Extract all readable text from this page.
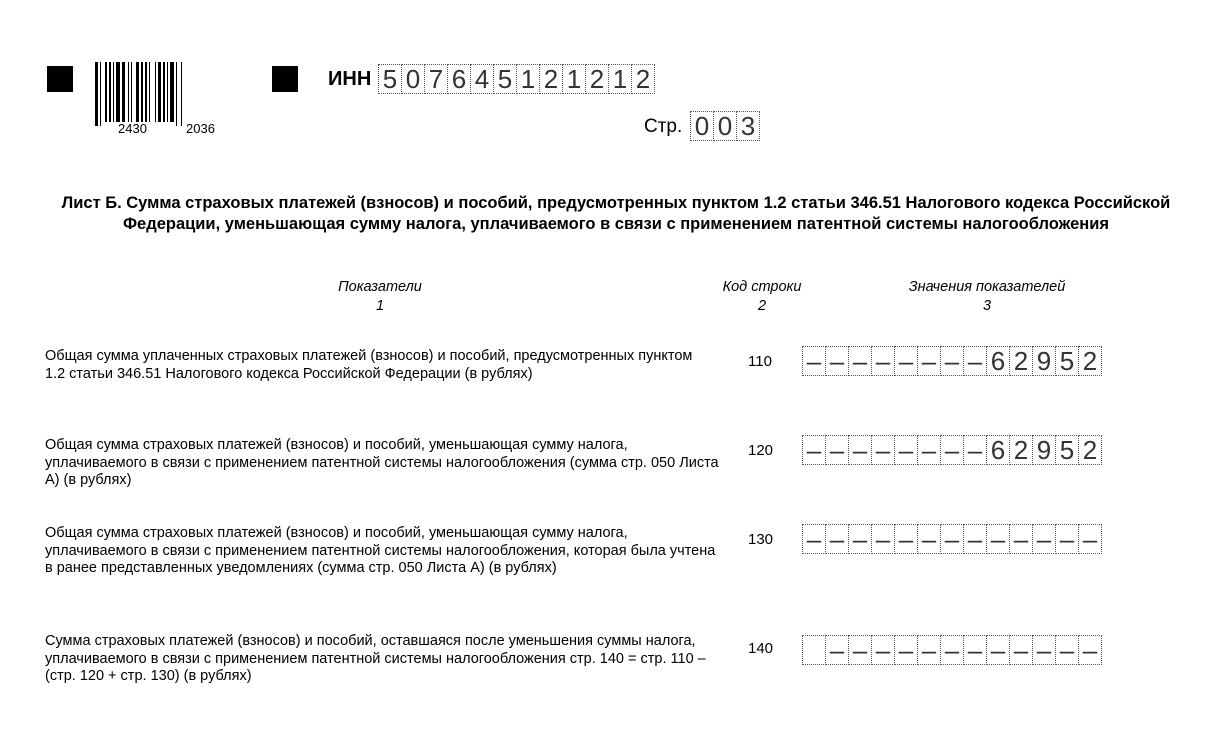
2430	2036
ИНН 5 0 7 6 4 5 1 2 1 2 1 2
Стр. 0 0 3
Лист Б. Сумма страховых платежей (взносов) и пособий, предусмотренных пунктом 1.2 статьи 346.51 Налогового кодекса Российской Федерации, уменьшающая сумму налога, уплачиваемого в связи с применением патентной системы налогообложения
Показатели
1
Код строки
2
Значения показателей
3
Общая сумма уплаченных страховых платежей (взносов) и пособий, предусмотренных пунктом 1.2 статьи 346.51 Налогового кодекса Российской Федерации (в рублях)
110 – – – – – – – – 6 2 9 5 2
Общая сумма страховых платежей (взносов) и пособий, уменьшающая сумму налога, уплачиваемого в связи с применением патентной системы налогообложения (сумма стр. 050 Листа А) (в рублях)
120 – – – – – – – – 6 2 9 5 2
Общая сумма страховых платежей (взносов) и пособий, уменьшающая сумму налога, уплачиваемого в связи с применением патентной системы налогообложения, которая была учтена в ранее представленных уведомлениях (сумма стр. 050 Листа А) (в рублях)
130 – – – – – – – – – – – – –
Сумма страховых платежей (взносов) и пособий, оставшаяся после уменьшения суммы налога, уплачиваемого в связи с применением патентной системы налогообложения стр. 140 = стр. 110 – (стр. 120 + стр. 130) (в рублях)
140 – – – – – – – – – – – –
